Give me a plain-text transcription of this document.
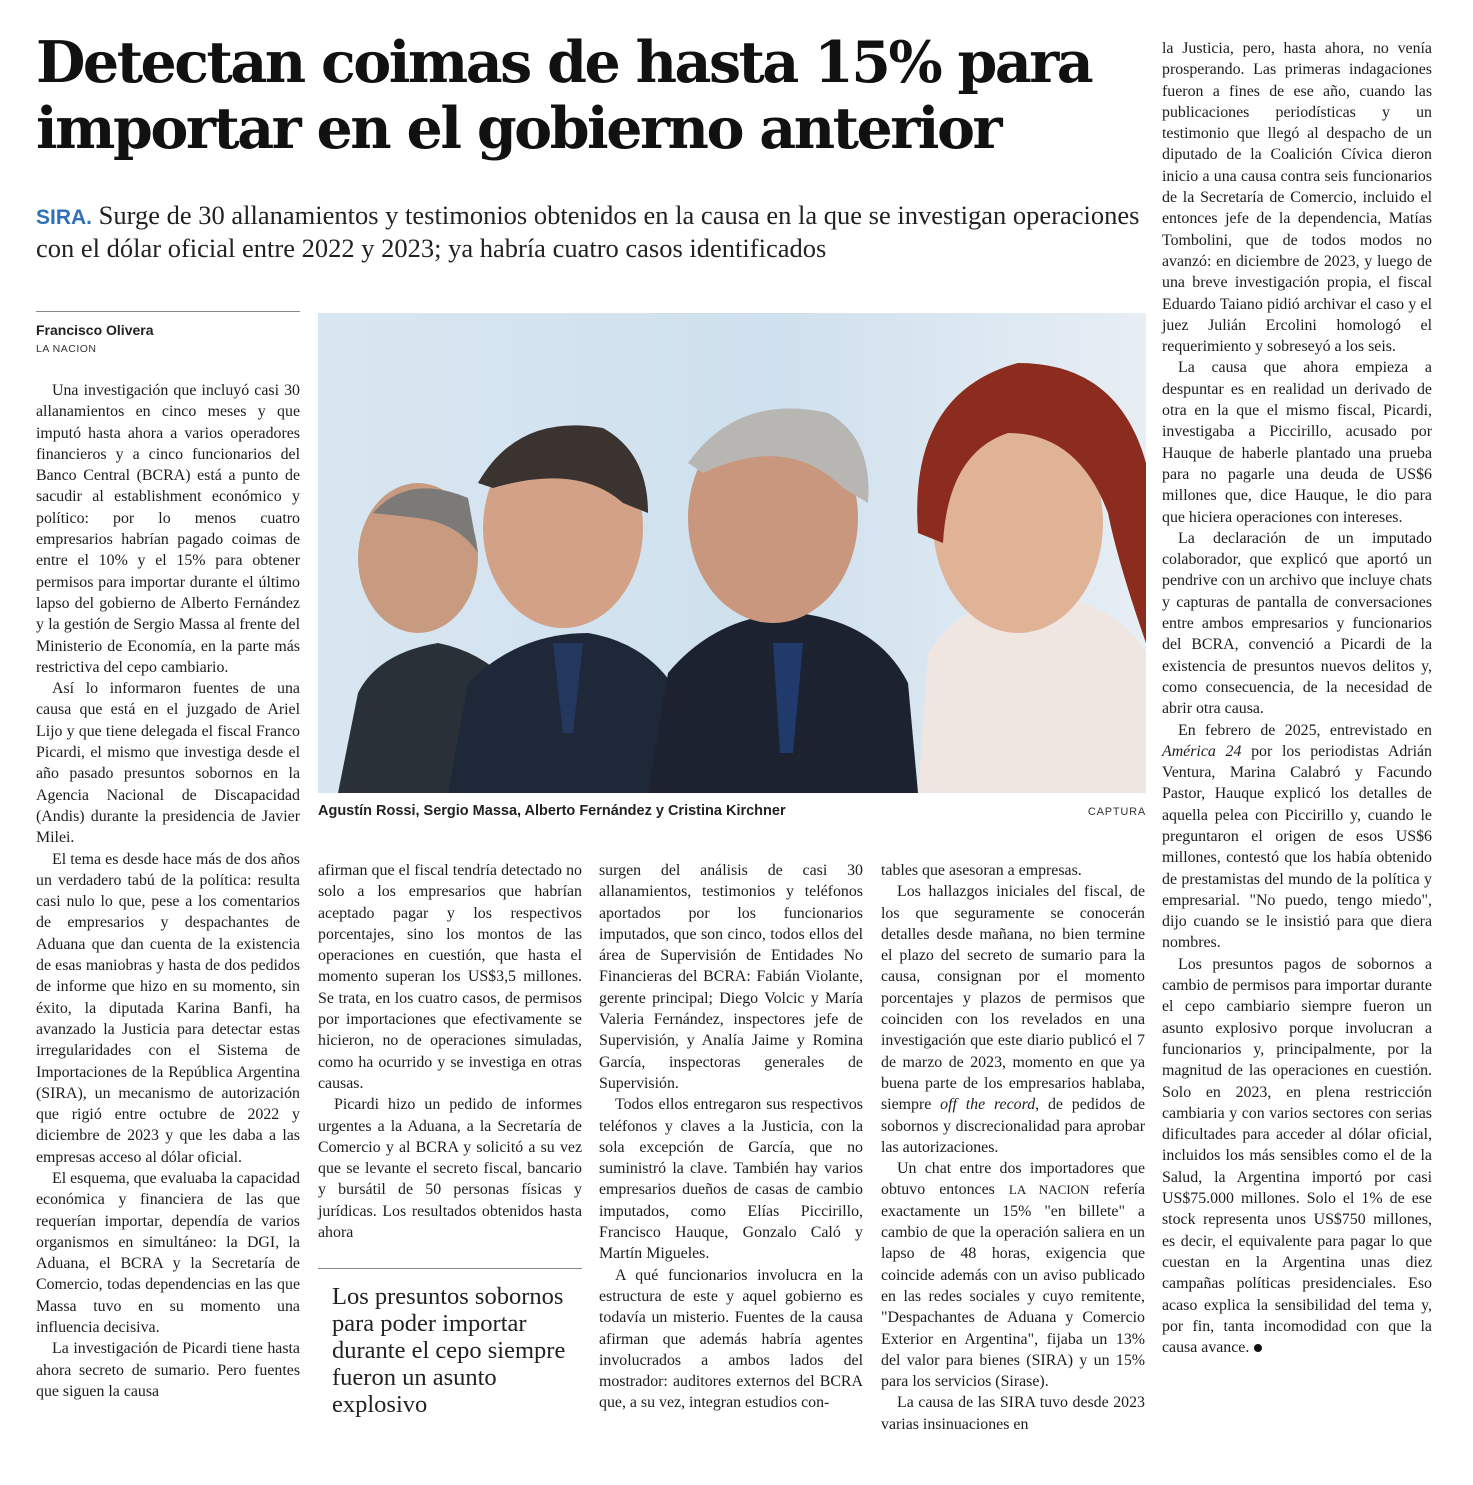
Detectan coimas de hasta 15% para importar en el gobierno anterior

SIRA. Surge de 30 allanamientos y testimonios obtenidos en la causa en la que se investigan operaciones con el dólar oficial entre 2022 y 2023; ya habría cuatro casos identificados

Francisco Olivera
LA NACION

Una investigación que incluyó casi 30 allanamientos en cinco meses y que imputó hasta ahora a varios operadores financieros y a cinco funcionarios del Banco Central (BCRA) está a punto de sacudir al establishment económico y político: por lo menos cuatro empresarios habrían pagado coimas de entre el 10% y el 15% para obtener permisos para importar durante el último lapso del gobierno de Alberto Fernández y la gestión de Sergio Massa al frente del Ministerio de Economía, en la parte más restrictiva del cepo cambiario.

Así lo informaron fuentes de una causa que está en el juzgado de Ariel Lijo y que tiene delegada el fiscal Franco Picardi, el mismo que investiga desde el año pasado presuntos sobornos en la Agencia Nacional de Discapacidad (Andis) durante la presidencia de Javier Milei.

El tema es desde hace más de dos años un verdadero tabú de la política: resulta casi nulo lo que, pese a los comentarios de empresarios y despachantes de Aduana que dan cuenta de la existencia de esas maniobras y hasta de dos pedidos de informe que hizo en su momento, sin éxito, la diputada Karina Banfi, ha avanzado la Justicia para detectar estas irregularidades con el Sistema de Importaciones de la República Argentina (SIRA), un mecanismo de autorización que rigió entre octubre de 2022 y diciembre de 2023 y que les daba a las empresas acceso al dólar oficial.

El esquema, que evaluaba la capacidad económica y financiera de las que requerían importar, dependía de varios organismos en simultáneo: la DGI, la Aduana, el BCRA y la Secretaría de Comercio, todas dependencias en las que Massa tuvo en su momento una influencia decisiva.

La investigación de Picardi tiene hasta ahora secreto de sumario. Pero fuentes que siguen la causa

Agustín Rossi, Sergio Massa, Alberto Fernández y Cristina Kirchner	CAPTURA

afirman que el fiscal tendría detectado no solo a los empresarios que habrían aceptado pagar y los respectivos porcentajes, sino los montos de las operaciones en cuestión, que hasta el momento superan los US$3,5 millones. Se trata, en los cuatro casos, de permisos por importaciones que efectivamente se hicieron, no de operaciones simuladas, como ha ocurrido y se investiga en otras causas.

Picardi hizo un pedido de informes urgentes a la Aduana, a la Secretaría de Comercio y al BCRA y solicitó a su vez que se levante el secreto fiscal, bancario y bursátil de 50 personas físicas y jurídicas. Los resultados obtenidos hasta ahora

Los presuntos sobornos para poder importar durante el cepo siempre fueron un asunto explosivo

surgen del análisis de casi 30 allanamientos, testimonios y teléfonos aportados por los funcionarios imputados, que son cinco, todos ellos del área de Supervisión de Entidades No Financieras del BCRA: Fabián Violante, gerente principal; Diego Volcic y María Valeria Fernández, inspectores jefe de Supervisión, y Analía Jaime y Romina García, inspectoras generales de Supervisión.

Todos ellos entregaron sus respectivos teléfonos y claves a la Justicia, con la sola excepción de García, que no suministró la clave. También hay varios empresarios dueños de casas de cambio imputados, como Elías Piccirillo, Francisco Hauque, Gonzalo Caló y Martín Migueles.

A qué funcionarios involucra en la estructura de este y aquel gobierno es todavía un misterio. Fuentes de la causa afirman que además habría agentes involucrados a ambos lados del mostrador: auditores externos del BCRA que, a su vez, integran estudios con-

tables que asesoran a empresas.

Los hallazgos iniciales del fiscal, de los que seguramente se conocerán detalles desde mañana, no bien termine el plazo del secreto de sumario para la causa, consignan por el momento porcentajes y plazos de permisos que coinciden con los revelados en una investigación que este diario publicó el 7 de marzo de 2023, momento en que ya buena parte de los empresarios hablaba, siempre off the record, de pedidos de sobornos y discrecionalidad para aprobar las autorizaciones.

Un chat entre dos importadores que obtuvo entonces LA NACION refería exactamente un 15% "en billete" a cambio de que la operación saliera en un lapso de 48 horas, exigencia que coincide además con un aviso publicado en las redes sociales y cuyo remitente, "Despachantes de Aduana y Comercio Exterior en Argentina", fijaba un 13% del valor para bienes (SIRA) y un 15% para los servicios (Sirase).

La causa de las SIRA tuvo desde 2023 varias insinuaciones en

la Justicia, pero, hasta ahora, no venía prosperando. Las primeras indagaciones fueron a fines de ese año, cuando las publicaciones periodísticas y un testimonio que llegó al despacho de un diputado de la Coalición Cívica dieron inicio a una causa contra seis funcionarios de la Secretaría de Comercio, incluido el entonces jefe de la dependencia, Matías Tombolini, que de todos modos no avanzó: en diciembre de 2023, y luego de una breve investigación propia, el fiscal Eduardo Taiano pidió archivar el caso y el juez Julián Ercolini homologó el requerimiento y sobreseyó a los seis.

La causa que ahora empieza a despuntar es en realidad un derivado de otra en la que el mismo fiscal, Picardi, investigaba a Piccirillo, acusado por Hauque de haberle plantado una prueba para no pagarle una deuda de US$6 millones que, dice Hauque, le dio para que hiciera operaciones con intereses.

La declaración de un imputado colaborador, que explicó que aportó un pendrive con un archivo que incluye chats y capturas de pantalla de conversaciones entre ambos empresarios y funcionarios del BCRA, convenció a Picardi de la existencia de presuntos nuevos delitos y, como consecuencia, de la necesidad de abrir otra causa.

En febrero de 2025, entrevistado en América 24 por los periodistas Adrián Ventura, Marina Calabró y Facundo Pastor, Hauque explicó los detalles de aquella pelea con Piccirillo y, cuando le preguntaron el origen de esos US$6 millones, contestó que los había obtenido de prestamistas del mundo de la política y empresarial. "No puedo, tengo miedo", dijo cuando se le insistió para que diera nombres.

Los presuntos pagos de sobornos a cambio de permisos para importar durante el cepo cambiario siempre fueron un asunto explosivo porque involucran a funcionarios y, principalmente, por la magnitud de las operaciones en cuestión. Solo en 2023, en plena restricción cambiaria y con varios sectores con serias dificultades para acceder al dólar oficial, incluidos los más sensibles como el de la Salud, la Argentina importó por casi US$75.000 millones. Solo el 1% de ese stock representa unos US$750 millones, es decir, el equivalente para pagar lo que cuestan en la Argentina unas diez campañas políticas presidenciales. Eso acaso explica la sensibilidad del tema y, por fin, tanta incomodidad con que la causa avance.
